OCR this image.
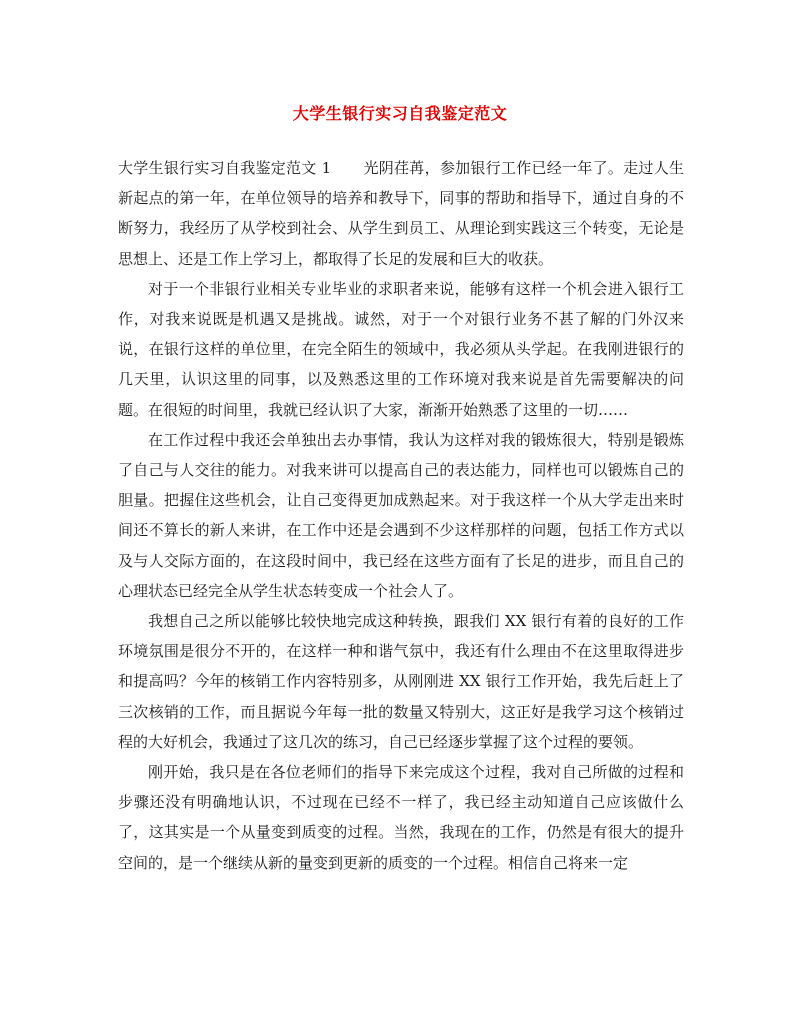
大学生银行实习自我鉴定范文

大学生银行实习自我鉴定范文 1 光阴荏苒，参加银行工作已经一年了。走过人生新起点的第一年，在单位领导的培养和教导下，同事的帮助和指导下，通过自身的不断努力，我经历了从学校到社会、从学生到员工、从理论到实践这三个转变，无论是思想上、还是工作上学习上，都取得了长足的发展和巨大的收获。

对于一个非银行业相关专业毕业的求职者来说，能够有这样一个机会进入银行工作，对我来说既是机遇又是挑战。诚然，对于一个对银行业务不甚了解的门外汉来说，在银行这样的单位里，在完全陌生的领域中，我必须从头学起。在我刚进银行的几天里，认识这里的同事，以及熟悉这里的工作环境对我来说是首先需要解决的问题。在很短的时间里，我就已经认识了大家，渐渐开始熟悉了这里的一切……

在工作过程中我还会单独出去办事情，我认为这样对我的锻炼很大，特别是锻炼了自己与人交往的能力。对我来讲可以提高自己的表达能力，同样也可以锻炼自己的胆量。把握住这些机会，让自己变得更加成熟起来。对于我这样一个从大学走出来时间还不算长的新人来讲，在工作中还是会遇到不少这样那样的问题，包括工作方式以及与人交际方面的，在这段时间中，我已经在这些方面有了长足的进步，而且自己的心理状态已经完全从学生状态转变成一个社会人了。

我想自己之所以能够比较快地完成这种转换，跟我们 XX 银行有着的良好的工作环境氛围是很分不开的，在这样一种和谐气氛中，我还有什么理由不在这里取得进步和提高吗？今年的核销工作内容特别多，从刚刚进 XX 银行工作开始，我先后赶上了三次核销的工作，而且据说今年每一批的数量又特别大，这正好是我学习这个核销过程的大好机会，我通过了这几次的练习，自己已经逐步掌握了这个过程的要领。

刚开始，我只是在各位老师们的指导下来完成这个过程，我对自己所做的过程和步骤还没有明确地认识，不过现在已经不一样了，我已经主动知道自己应该做什么了，这其实是一个从量变到质变的过程。当然，我现在的工作，仍然是有很大的提升空间的，是一个继续从新的量变到更新的质变的一个过程。相信自己将来一定
